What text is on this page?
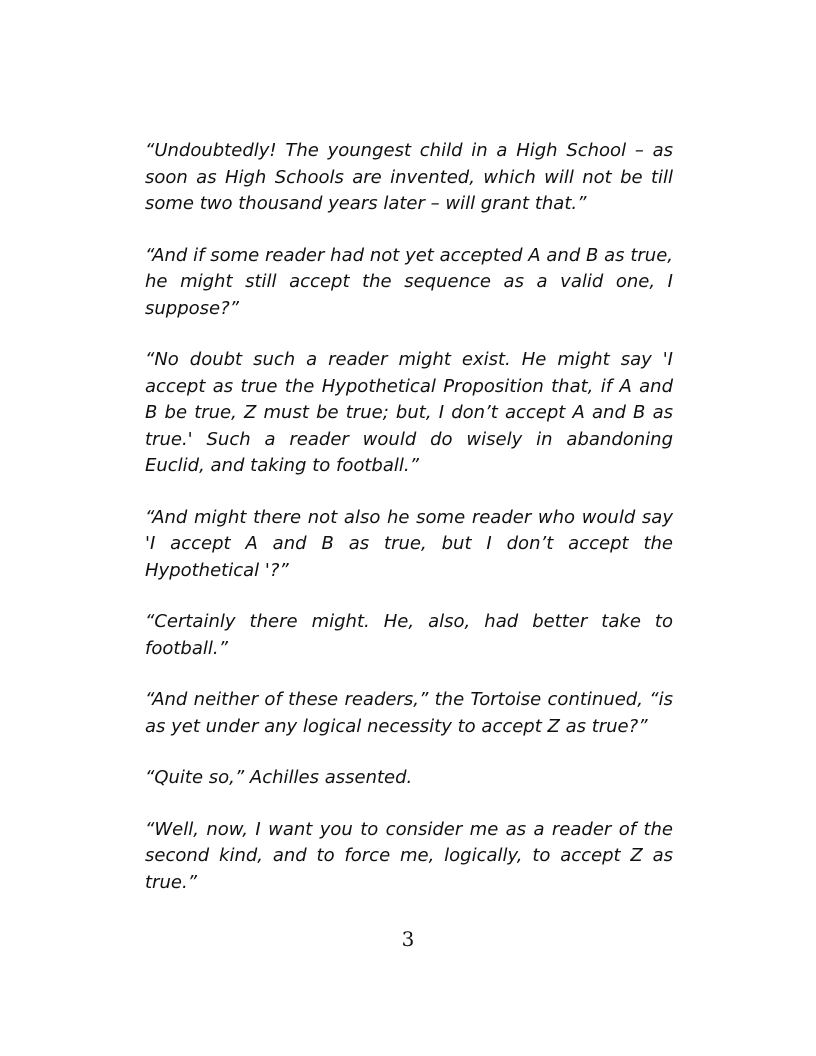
“Undoubtedly! The youngest child in a High School – as soon as High Schools are invented, which will not be till some two thousand years later – will grant that.”

“And if some reader had not yet accepted A and B as true, he might still accept the sequence as a valid one, I suppose?”

“No doubt such a reader might exist. He might say 'I accept as true the Hypothetical Proposition that, if A and B be true, Z must be true; but, I don’t accept A and B as true.' Such a reader would do wisely in abandoning Euclid, and taking to football.”

“And might there not also he some reader who would say 'I accept A and B as true, but I don’t accept the Hypothetical '?”

“Certainly there might. He, also, had better take to football.”

“And neither of these readers,” the Tortoise continued, “is as yet under any logical necessity to accept Z as true?”

“Quite so,” Achilles assented.

“Well, now, I want you to consider me as a reader of the second kind, and to force me, logically, to accept Z as true.”

3
